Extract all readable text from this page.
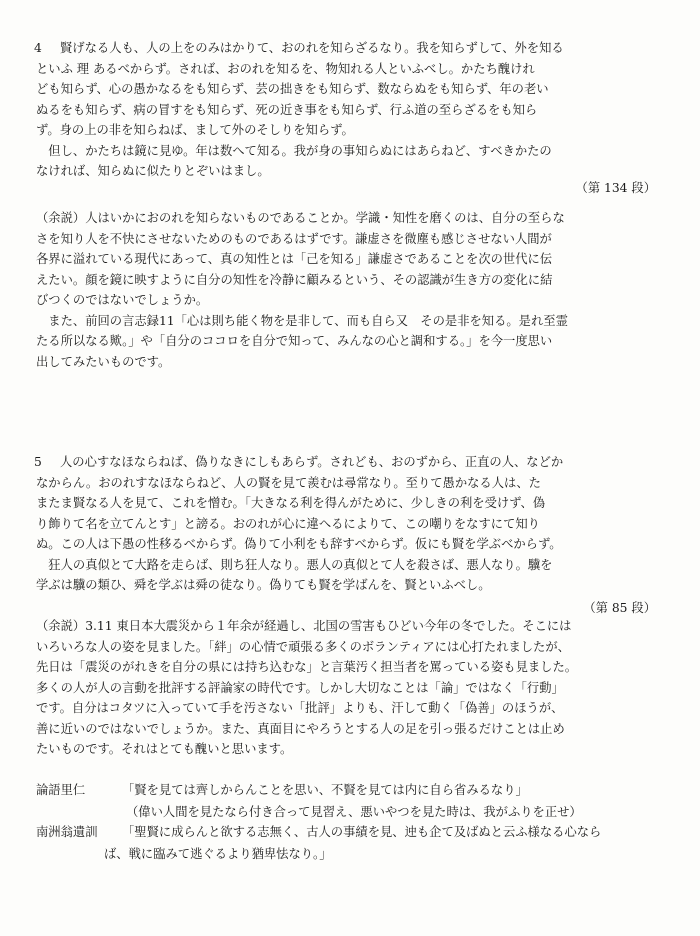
4	賢げなる人も、人の上をのみはかりて、おのれを知らざるなり。我を知らずして、外を知る

といふ 理 あるべからず。されば、おのれを知るを、物知れる人といふべし。かたち醜けれ

ども知らず、心の愚かなるをも知らず、芸の拙きをも知らず、数ならぬをも知らず、年の老い

ぬるをも知らず、病の冒すをも知らず、死の近き事をも知らず、行ふ道の至らざるをも知ら

ず。身の上の非を知らねば、まして外のそしりを知らず。

　但し、かたちは鏡に見ゆ。年は数へて知る。我が身の事知らぬにはあらねど、すべきかたの

なければ、知らぬに似たりとぞいはまし。

（第 134 段）

（余説）人はいかにおのれを知らないものであることか。学識・知性を磨くのは、自分の至らな

さを知り人を不快にさせないためのものであるはずです。謙虚さを微塵も感じさせない人間が

各界に溢れている現代にあって、真の知性とは「己を知る」謙虚さであることを次の世代に伝

えたい。顔を鏡に映すように自分の知性を冷静に顧みるという、その認識が生き方の変化に結

びつくのではないでしょうか。

　また、前回の言志録11「心は則ち能く物を是非して、而も自ら又　その是非を知る。是れ至霊

たる所以なる歟。」や「自分のココロを自分で知って、みんなの心と調和する。」を今一度思い

出してみたいものです。

5	人の心すなほならねば、偽りなきにしもあらず。されども、おのずから、正直の人、などか

なからん。おのれすなほならねど、人の賢を見て羨むは尋常なり。至りて愚かなる人は、た

またま賢なる人を見て、これを憎む。「大きなる利を得んがために、少しきの利を受けず、偽

り飾りて名を立てんとす」と謗る。おのれが心に違へるによりて、この嘲りをなすにて知り

ぬ。この人は下愚の性移るべからず。偽りて小利をも辞すべからず。仮にも賢を学ぶべからず。

　狂人の真似とて大路を走らば、則ち狂人なり。悪人の真似とて人を殺さば、悪人なり。驥を

学ぶは驥の類ひ、舜を学ぶは舜の徒なり。偽りても賢を学ばんを、賢といふべし。

（第 85 段）

（余説）3.11 東日本大震災から１年余が経過し、北国の雪害もひどい今年の冬でした。そこには

いろいろな人の姿を見ました。「絆」の心情で頑張る多くのボランティアには心打たれましたが、

先日は「震災のがれきを自分の県には持ち込むな」と言葉汚く担当者を罵っている姿も見ました。

多くの人が人の言動を批評する評論家の時代です。しかし大切なことは「論」ではなく「行動」

です。自分はコタツに入っていて手を汚さない「批評」よりも、汗して動く「偽善」のほうが、

善に近いのではないでしょうか。また、真面目にやろうとする人の足を引っ張るだけことは止め

たいものです。それはとても醜いと思います。

論語里仁	「賢を見ては齊しからんことを思い、不賢を見ては内に自ら省みるなり」
（偉い人間を見たなら付き合って見習え、悪いやつを見た時は、我がふりを正せ）
南洲翁遺訓 「聖賢に成らんと欲する志無く、古人の事績を見、迚も企て及ばぬと云ふ様なる心なら
ば、戦に臨みて逃ぐるより猶卑怯なり。」
